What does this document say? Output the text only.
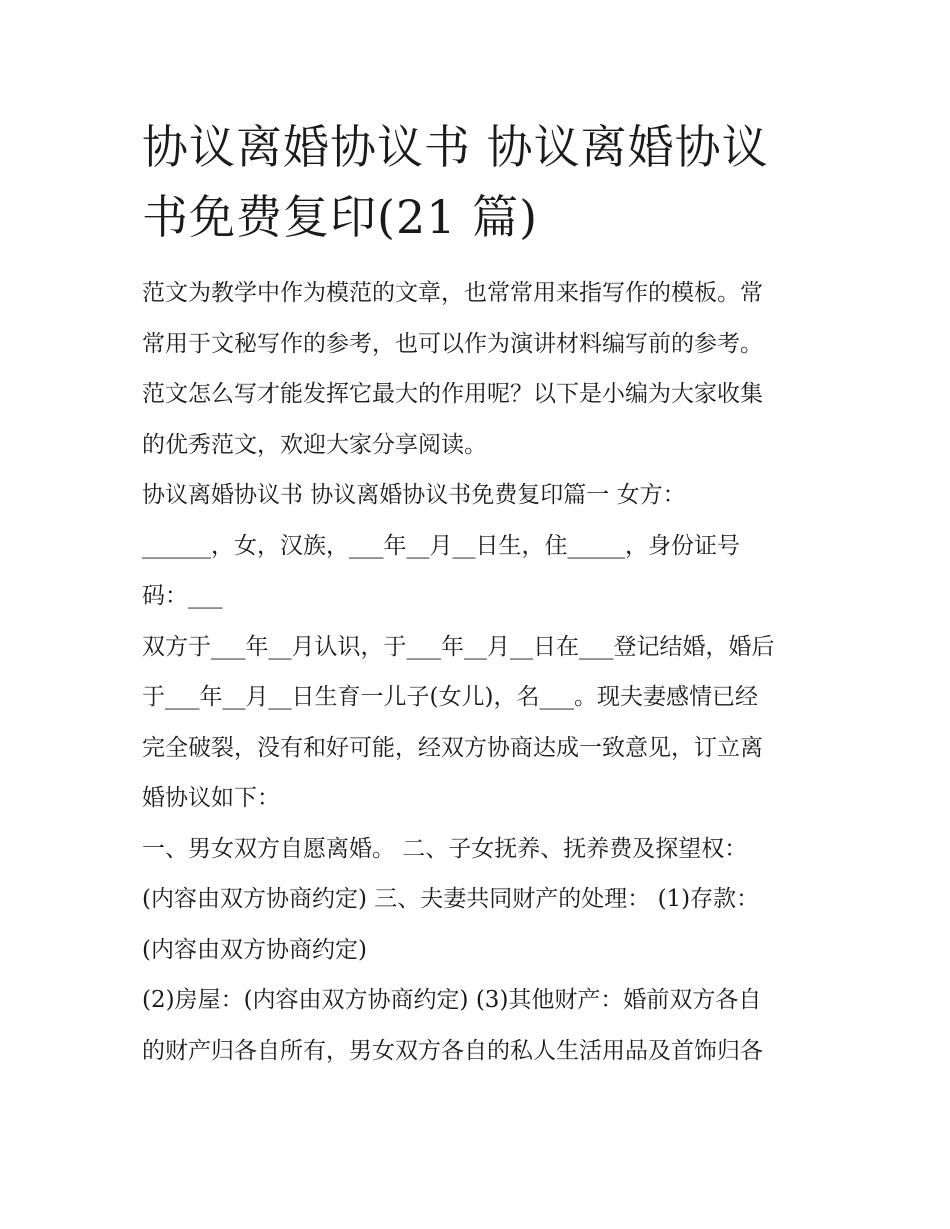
协议离婚协议书 协议离婚协议
书免费复印(21 篇)

范文为教学中作为模范的文章，也常常用来指写作的模板。常

常用于文秘写作的参考，也可以作为演讲材料编写前的参考。

范文怎么写才能发挥它最大的作用呢？以下是小编为大家收集

的优秀范文，欢迎大家分享阅读。

协议离婚协议书 协议离婚协议书免费复印篇一 女方：

______，女，汉族，___年__月__日生，住_____，身份证号

码：___

双方于___年__月认识，于___年__月__日在___登记结婚，婚后

于___年__月__日生育一儿子(女儿)，名___。现夫妻感情已经

完全破裂，没有和好可能，经双方协商达成一致意见，订立离

婚协议如下：

一、男女双方自愿离婚。 二、子女抚养、抚养费及探望权：

(内容由双方协商约定) 三、夫妻共同财产的处理： (1)存款：

(内容由双方协商约定)

(2)房屋：(内容由双方协商约定) (3)其他财产：婚前双方各自

的财产归各自所有，男女双方各自的私人生活用品及首饰归各
